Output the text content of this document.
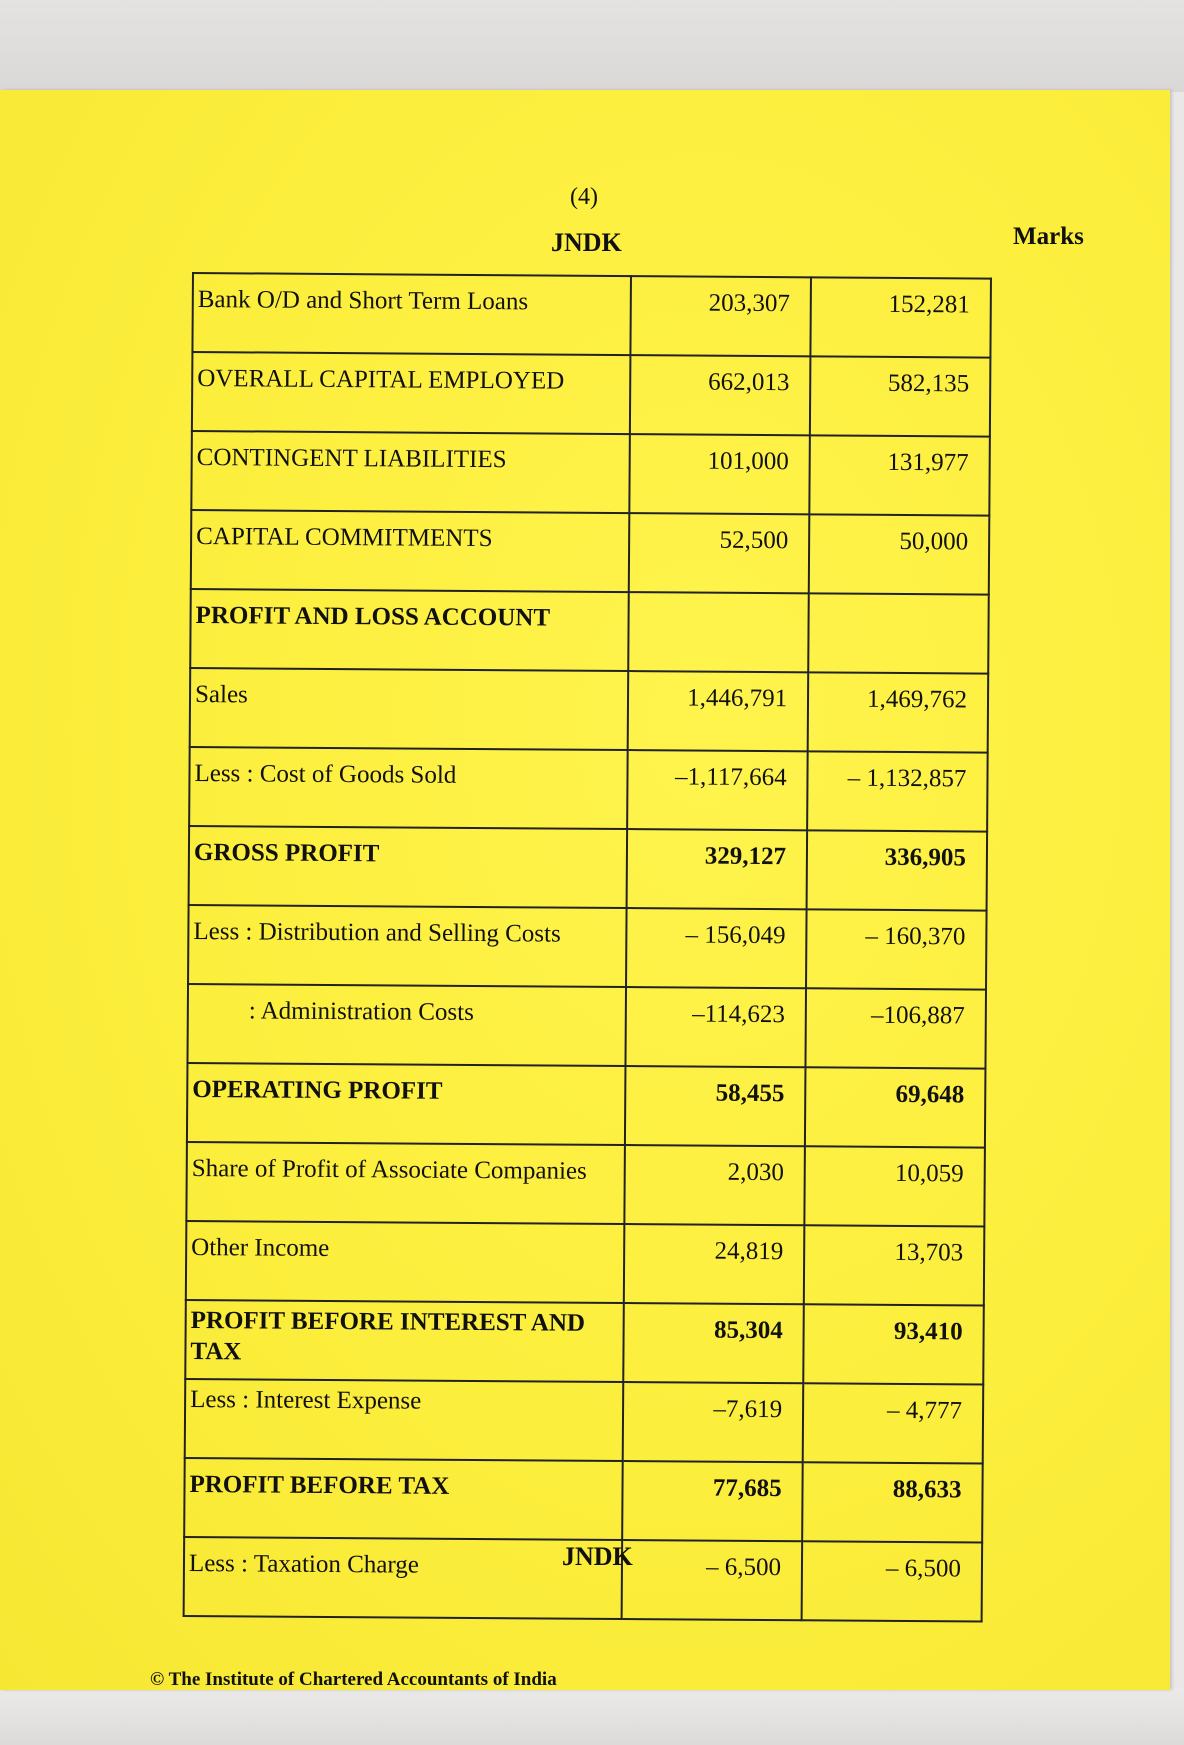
(4)
JNDK	Marks
Bank O/D and Short Term Loans	203,307	152,281
OVERALL CAPITAL EMPLOYED	662,013	582,135
CONTINGENT LIABILITIES	101,000	131,977
CAPITAL COMMITMENTS	52,500	50,000
PROFIT AND LOSS ACCOUNT		
Sales	1,446,791	1,469,762
Less : Cost of Goods Sold	–1,117,664	– 1,132,857
GROSS PROFIT	329,127	336,905
Less : Distribution and Selling Costs	– 156,049	– 160,370
: Administration Costs	–114,623	–106,887
OPERATING PROFIT	58,455	69,648
Share of Profit of Associate Companies	2,030	10,059
Other Income	24,819	13,703
PROFIT BEFORE INTEREST AND TAX	85,304	93,410
Less : Interest Expense	–7,619	– 4,777
PROFIT BEFORE TAX	77,685	88,633
Less : Taxation Charge	– 6,500	– 6,500
JNDK
© The Institute of Chartered Accountants of India
